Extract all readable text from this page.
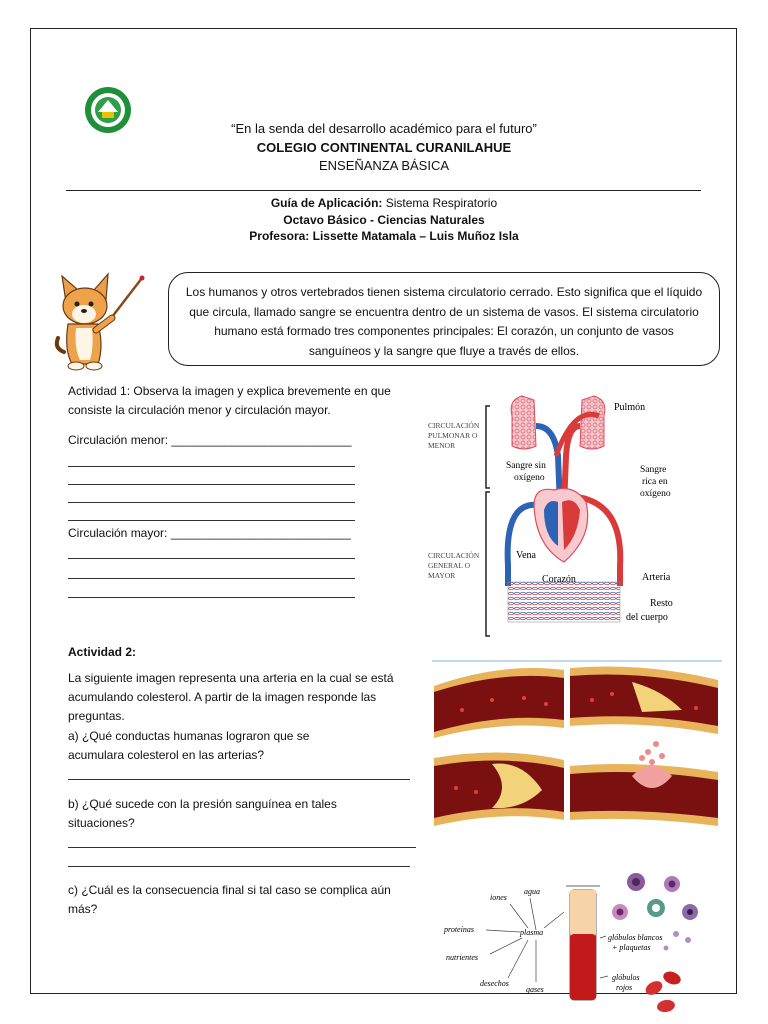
“En la senda del desarrollo académico para el futuro”
COLEGIO CONTINENTAL CURANILAHUE
ENSEÑANZA BÁSICA
Guía de Aplicación: Sistema Respiratorio
Octavo Básico - Ciencias Naturales
Profesora: Lissette Matamala – Luis Muñoz Isla
Los humanos y otros vertebrados tienen sistema circulatorio cerrado. Esto significa que el líquido que circula, llamado sangre se encuentra dentro de un sistema de vasos. El sistema circulatorio humano está formado tres componentes principales: El corazón, un conjunto de vasos sanguíneos y la sangre que fluye a través de ellos.
Actividad 1: Observa la imagen y explica brevemente en que consiste la circulación menor y circulación mayor.
Circulación menor: ___________________________
Circulación mayor: ___________________________
CIRCULACIÓN
PULMONAR O
MENOR
CIRCULACIÓN
GENERAL O
MAYOR
Pulmón
Sangre sin
oxígeno
Sangre
rica en
oxígeno
Vena
Corazón	Arteria
Resto
del cuerpo
Actividad 2:
La siguiente imagen representa una arteria en la cual se está acumulando colesterol. A partir de la imagen responde las preguntas.
a) ¿Qué conductas humanas lograron que se acumulara colesterol en las arterias?
b) ¿Qué sucede con la presión sanguínea en tales situaciones?
c) ¿Cuál es la consecuencia final si tal caso se complica aún más?
plasma
agua
iones
proteínas
nutrientes
desechos
gases
glóbulos blancos
+ plaquetas
glóbulos
rojos
